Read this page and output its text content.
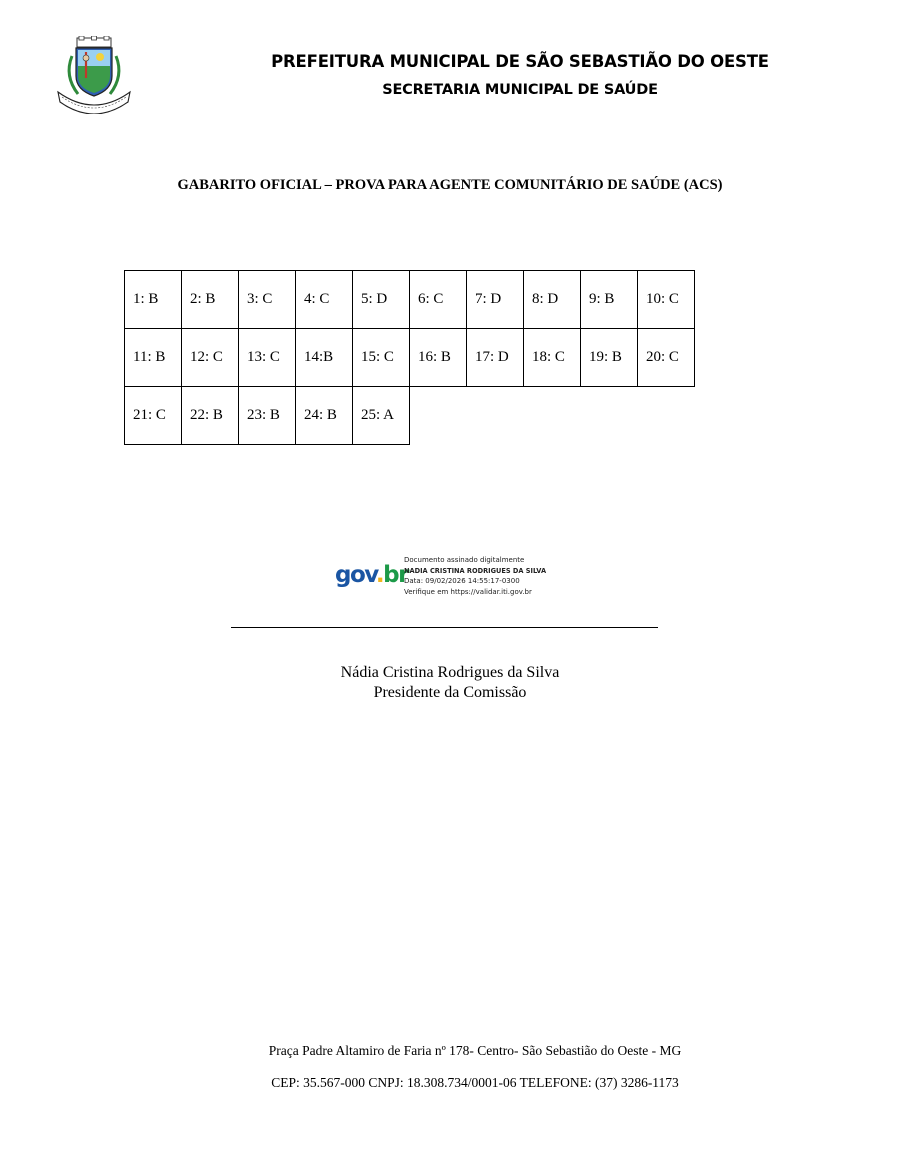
PREFEITURA MUNICIPAL DE SÃO SEBASTIÃO DO OESTE
SECRETARIA MUNICIPAL DE SAÚDE
GABARITO OFICIAL – PROVA PARA AGENTE COMUNITÁRIO DE SAÚDE (ACS)
1: B	2: B	3: C	4: C	5: D	6: C	7: D	8: D	9: B	10: C
11: B	12: C	13: C	14:B	15: C	16: B	17: D	18: C	19: B	20: C
21: C	22: B	23: B	24: B	25: A					
gov.br
Documento assinado digitalmente
NADIA CRISTINA RODRIGUES DA SILVA
Data: 09/02/2026 14:55:17-0300
Verifique em https://validar.iti.gov.br
Nádia Cristina Rodrigues da Silva
Presidente da Comissão
Praça Padre Altamiro de Faria nº 178- Centro- São Sebastião do Oeste - MG
CEP: 35.567-000 CNPJ: 18.308.734/0001-06 TELEFONE: (37) 3286-1173
